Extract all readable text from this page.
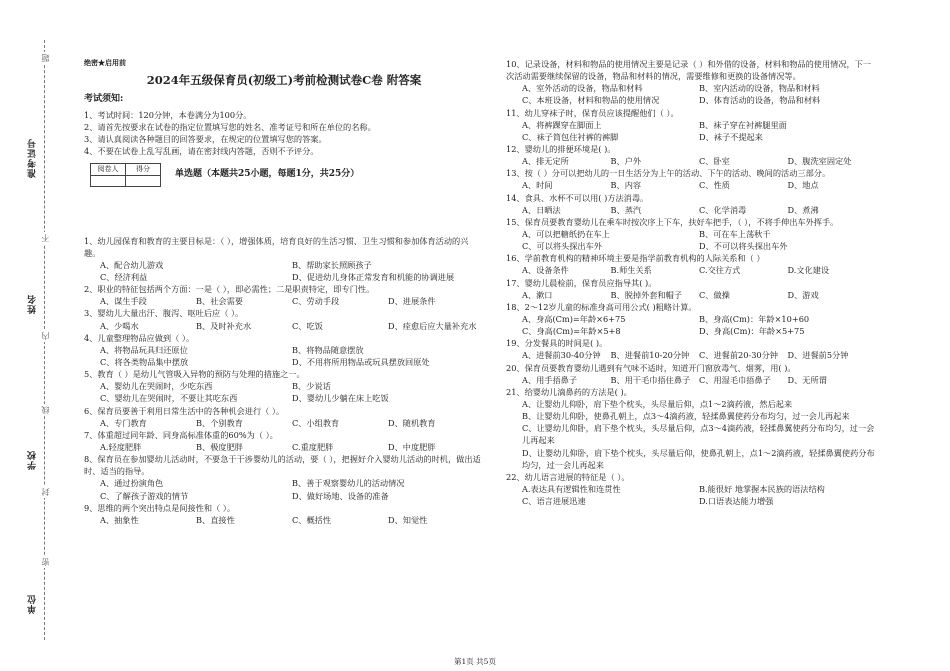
题
准考证号
不
姓名
内
线
学校
封
密
单位
绝密★启用前
2024年五级保育员(初级工)考前检测试卷C卷 附答案
考试须知:
1、考试时间：120分钟，本卷满分为100分。
2、请首先按要求在试卷的指定位置填写您的姓名、准考证号和所在单位的名称。
3、请认真阅读各种题目的回答要求，在规定的位置填写您的答案。
4、不要在试卷上乱写乱画，请在密封线内答题，否则不予评分。
阅卷人	得分

单选题（本题共25小题，每题1分，共25分）
1、幼儿园保育和教育的主要目标是：（ ），增强体质，培育良好的生活习惯、卫生习惯和参加体育活动的兴趣。
A、配合幼儿游戏	B、帮助家长照顾孩子
C、经济利益	D、促进幼儿身体正常发育和机能的协调进展
2、职业的特征包括两个方面：一是（ ），即必需性；二是职责特定，即专门性。
A、谋生手段	B、社会需要	C、劳动手段	D、进展条件
3、婴幼儿大量出汗、腹泻、呕吐后应（ ）。
A、少喝水	B、及时补充水	C、吃饭	D、痊愈后应大量补充水
4、儿童整理物品应做到（ ）。
A、将物品玩具归还原位	B、将物品随意摆放
C、将各类物品集中摆放	D、不用将所用物品或玩具摆放回原处
5、教育（ ）是幼儿气管吸入异物的预防与处理的措施之一。
A、婴幼儿在哭闹时，少吃东西	B、少说话
C、婴幼儿在哭闹时，不要让其吃东西	D、婴幼儿少躺在床上吃饭
6、保育员要善于利用日常生活中的各种机会进行（ ）。
A、专门教育	B、个别教育	C、小组教育	D、随机教育
7、体重超过同年龄、同身高标准体重的60%为（ ）。
A.轻度肥胖	B、极度肥胖	C.重度肥胖	D、中度肥胖
8、保育员在参加婴幼儿活动时，不要急于干涉婴幼儿的活动，要（ ），把握好介入婴幼儿活动的时机，做出适时、适当的指导。
A、通过扮演角色	B、善于观察婴幼儿的活动情况
C、了解孩子游戏的情节	D、做好场地、设备的准备
9、思维的两个突出特点是间接性和（ ）。
A、抽象性	B、直接性	C、概括性	D、知觉性
10、记录设备，材料和物品的使用情况主要是记录（ ）和外借的设备，材料和物品的使用情况，下一次活动需要继续保留的设备，物品和材料的情况，需要维修和更换的设备情况等。
A、室外活动的设备，物品和材料	B、室内活动的设备，物品和材料
C、本班设备，材料和物品的使用情况	D、体育活动的设备，物品和材料
11、幼儿穿袜子时，保育员应该提醒他们（ ）。
A、将裤踝穿在脚面上	B、袜子穿在衬裤腿里面
C、袜子筒包住衬裤的裤脚	D、袜子不提起来
12、婴幼儿的排便环境是( )。
A、排无定所	B、户外	C、卧室	D、腹洗室固定处
13、按（ ）分可以把幼儿的一日生活分为上午的活动、下午的活动、晚间的活动三部分。
A、时间	B、内容	C、性质	D、地点
14、食具、水杯不可以用( )方法消毒。
A、日晒法	B、蒸汽	C、化学消毒	D、煮沸
15、保育员要教育婴幼儿在乘车时按次序上下车，扶好车把手，（ ），不将手伸出车外挥手。
A、可以把糖纸扔在车上	B、可在车上荡秋千
C、可以将头探出车外	D、不可以将头探出车外
16、学前教育机构的精神环境主要是指学前教育机构的人际关系和（ ）
A、设备条件	B.师生关系	C.交往方式	D.文化建设
17、婴幼儿晨检前，保育员应指导其( )。
A、漱口	B、脱掉外套和帽子	C、做操	D、游戏
18、2～12岁儿童的标准身高可用公式( )粗略计算。
A、身高(Cm)=年龄×6+75	B、身高(Cm)：年龄×10+60
C、身高(Cm)=年龄×5+8	D、身高(Cm)：年龄×5+75
19、分发餐具的时间是( )。
A、进餐前30-40分钟	B、进餐前10-20分钟	C、进餐前20-30分钟	D、进餐前5分钟
20、保育员要教育婴幼儿遇到有气味不适时，知道开门窗放毒气、烟雾，用( )。
A、用手捂鼻子	B、用干毛巾捂住鼻子	C、用湿毛巾捂鼻子	D、无所谓
21、给婴幼儿滴鼻药的方法是( )。
A、让婴幼儿仰卧，肩下垫个枕头，头尽量后仰，点1～2滴药液，然后起来
B、让婴幼儿仰卧，使鼻孔朝上，点3～4滴药液，轻揉鼻翼使药分布均匀，过一会儿再起来
C、让婴幼儿仰卧，肩下垫个枕头，头尽量后仰，点3～4滴药液，轻揉鼻翼使药分布均匀，过一会儿再起来
D、让婴幼儿仰卧，肩下垫个枕头，头尽量后仰，使鼻孔朝上，点1～2滴药液，轻揉鼻翼使药分布均匀，过一会儿再起来
22、幼儿语言进展的特征是（ ）。
A.表达具有逻辑性和连贯性	B.能很好 地掌握本民族的语法结构
C、语言进展迅速	D.口语表达能力增强
第1页 共5页
